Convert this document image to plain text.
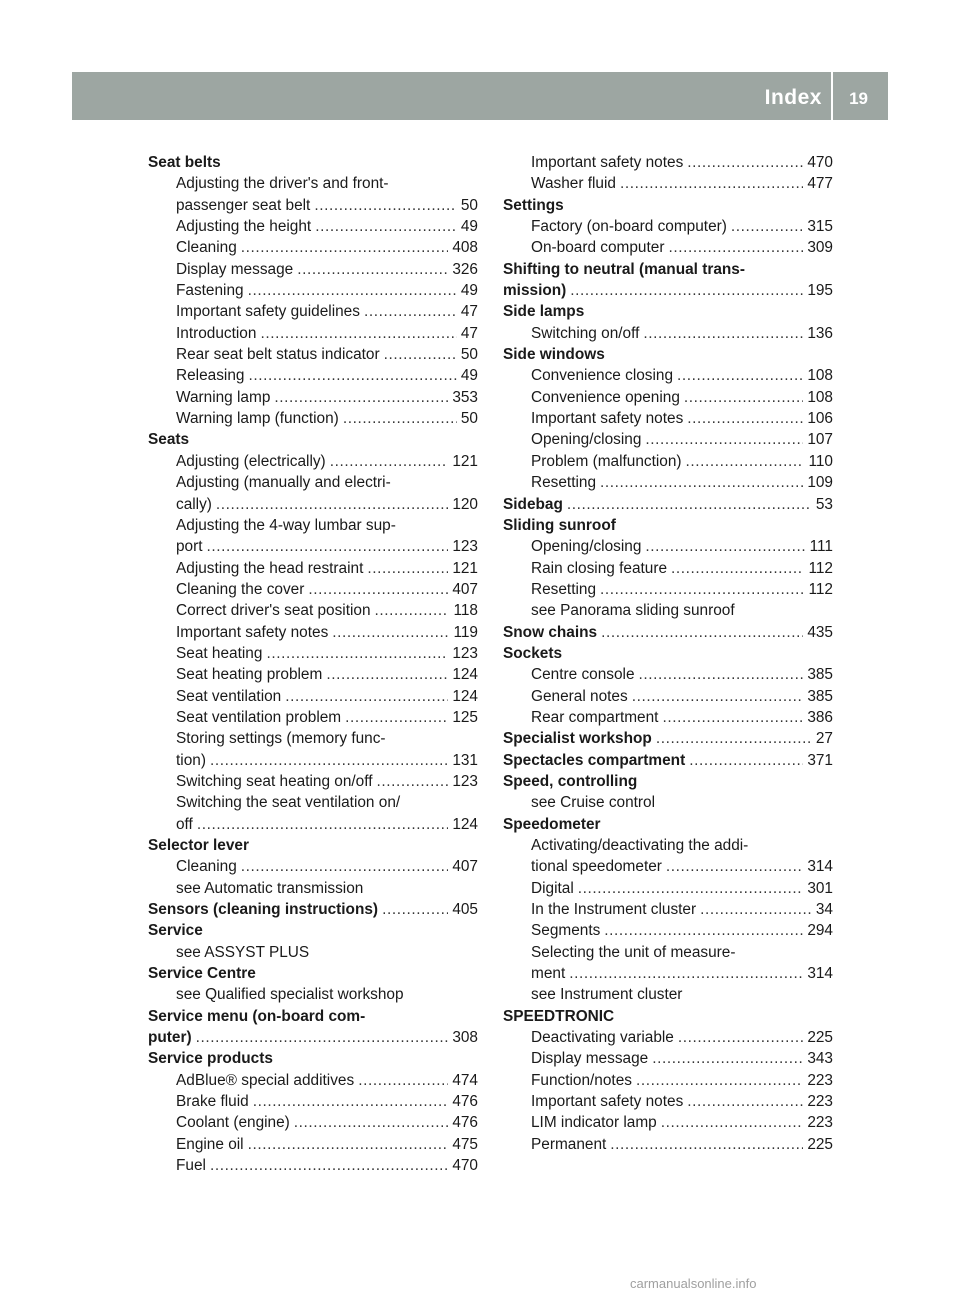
Index 19
Seat belts
Adjusting the driver's and front-
passenger seat belt .....	50
Adjusting the height .....	49
Cleaning .....	408
Display message .....	326
Fastening .....	49
Important safety guidelines .....	47
Introduction .....	47
Rear seat belt status indicator .....	50
Releasing .....	49
Warning lamp .....	353
Warning lamp (function) .....	50
Seats
Adjusting (electrically) .....	121
Adjusting (manually and electri-
cally) .....	120
Adjusting the 4-way lumbar sup-
port .....	123
Adjusting the head restraint .....	121
Cleaning the cover .....	407
Correct driver's seat position .....	118
Important safety notes .....	119
Seat heating .....	123
Seat heating problem .....	124
Seat ventilation .....	124
Seat ventilation problem .....	125
Storing settings (memory func-
tion) .....	131
Switching seat heating on/off .....	123
Switching the seat ventilation on/
off .....	124
Selector lever
Cleaning .....	407
see Automatic transmission
Sensors (cleaning instructions) .....	405
Service
see ASSYST PLUS
Service Centre
see Qualified specialist workshop
Service menu (on-board com-
puter) .....	308
Service products
AdBlue® special additives .....	474
Brake fluid .....	476
Coolant (engine) .....	476
Engine oil .....	475
Fuel .....	470
Important safety notes .....	470
Washer fluid .....	477
Settings
Factory (on-board computer) .....	315
On-board computer .....	309
Shifting to neutral (manual trans-
mission) .....	195
Side lamps
Switching on/off .....	136
Side windows
Convenience closing .....	108
Convenience opening .....	108
Important safety notes .....	106
Opening/closing .....	107
Problem (malfunction) .....	110
Resetting .....	109
Sidebag .....	53
Sliding sunroof
Opening/closing .....	111
Rain closing feature .....	112
Resetting .....	112
see Panorama sliding sunroof
Snow chains .....	435
Sockets
Centre console .....	385
General notes .....	385
Rear compartment .....	386
Specialist workshop .....	27
Spectacles compartment .....	371
Speed, controlling
see Cruise control
Speedometer
Activating/deactivating the addi-
tional speedometer .....	314
Digital .....	301
In the Instrument cluster .....	34
Segments .....	294
Selecting the unit of measure-
ment .....	314
see Instrument cluster
SPEEDTRONIC
Deactivating variable .....	225
Display message .....	343
Function/notes .....	223
Important safety notes .....	223
LIM indicator lamp .....	223
Permanent .....	225
carmanualsonline.info
